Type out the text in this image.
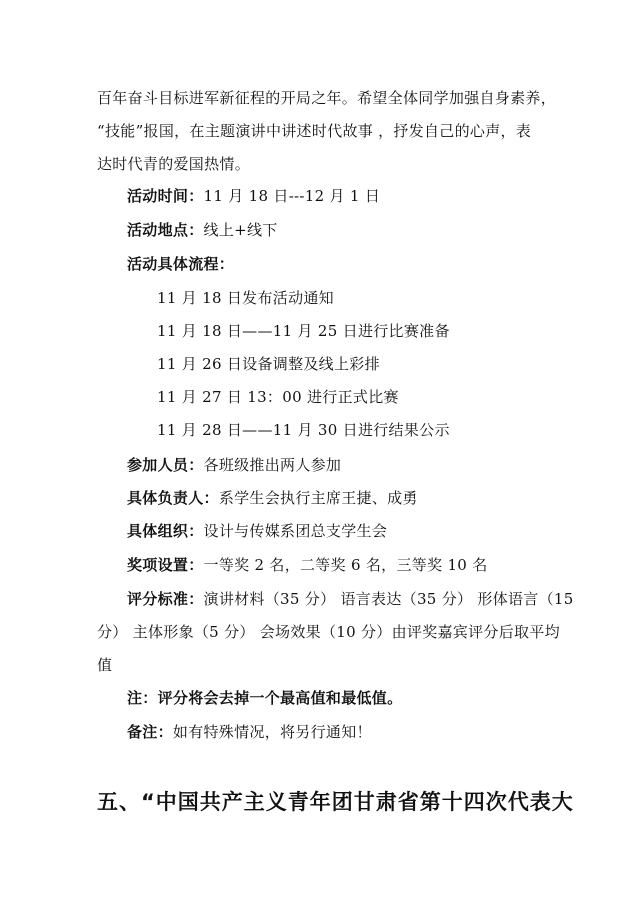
百年奋斗目标进军新征程的开局之年。希望全体同学加强自身素养，
“技能”报国，在主题演讲中讲述时代故事 ，抒发自己的心声，表
达时代青的爱国热情。
活动时间：11 月 18 日---12 月 1 日
活动地点：线上+线下
活动具体流程：
11 月 18 日发布活动通知
11 月 18 日——11 月 25 日进行比赛准备
11 月 26 日设备调整及线上彩排
11 月 27 日 13：00 进行正式比赛
11 月 28 日——11 月 30 日进行结果公示
参加人员：各班级推出两人参加
具体负责人：系学生会执行主席王捷、成勇
具体组织：设计与传媒系团总支学生会
奖项设置：一等奖 2 名，二等奖 6 名，三等奖 10 名
评分标准：演讲材料（35 分） 语言表达（35 分） 形体语言（15
分） 主体形象（5 分） 会场效果（10 分）由评奖嘉宾评分后取平均
值
注：评分将会去掉一个最高值和最低值。
备注：如有特殊情况，将另行通知！
五、“中国共产主义青年团甘肃省第十四次代表大
